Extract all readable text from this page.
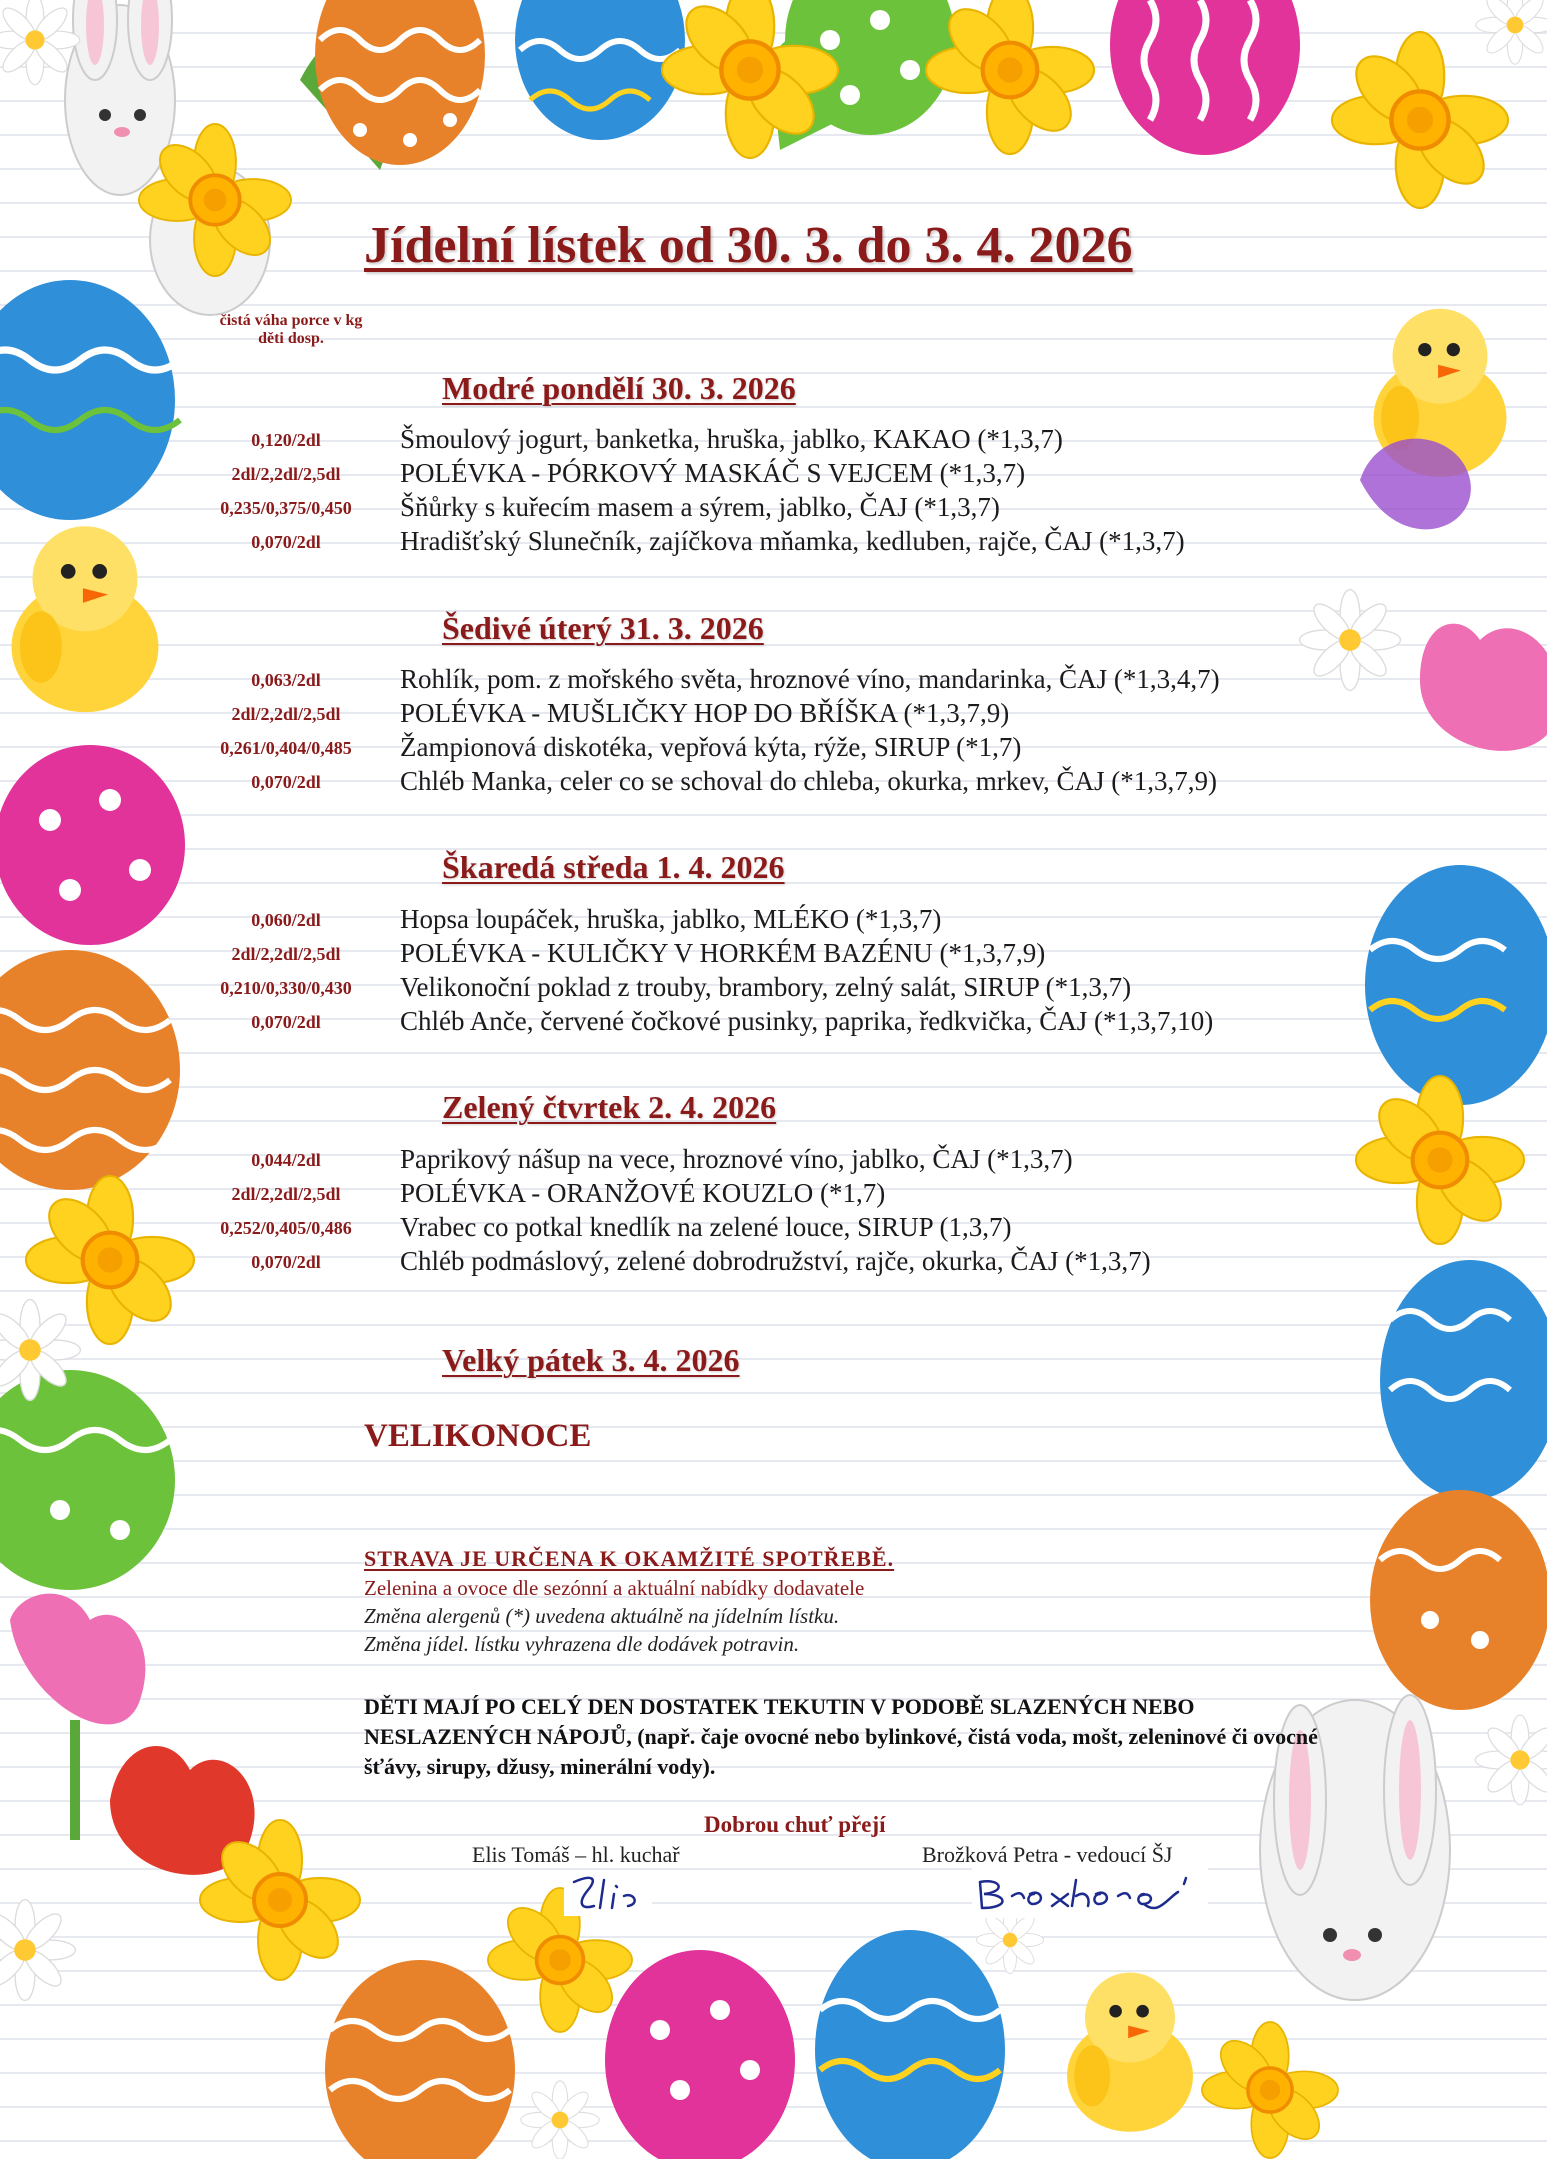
Jídelní lístek od 30. 3. do 3. 4. 2026
čistá váha porce v kg
děti dosp.
Modré pondělí 30. 3. 2026
0,120/2dl	Šmoulový jogurt, banketka, hruška, jablko, KAKAO (*1,3,7)
2dl/2,2dl/2,5dl	POLÉVKA - PÓRKOVÝ MASKÁČ S VEJCEM (*1,3,7)
0,235/0,375/0,450	Šňůrky s kuřecím masem a sýrem, jablko, ČAJ (*1,3,7)
0,070/2dl	Hradišťský Slunečník, zajíčkova mňamka, kedluben, rajče, ČAJ (*1,3,7)
Šedivé úterý 31. 3. 2026
0,063/2dl	Rohlík, pom. z mořského světa, hroznové víno, mandarinka, ČAJ (*1,3,4,7)
2dl/2,2dl/2,5dl	POLÉVKA - MUŠLIČKY HOP DO BŘÍŠKA (*1,3,7,9)
0,261/0,404/0,485	Žampionová diskotéka, vepřová kýta, rýže, SIRUP (*1,7)
0,070/2dl	Chléb Manka, celer co se schoval do chleba, okurka, mrkev, ČAJ (*1,3,7,9)
Škaredá středa 1. 4. 2026
0,060/2dl	Hopsa loupáček, hruška, jablko, MLÉKO (*1,3,7)
2dl/2,2dl/2,5dl	POLÉVKA - KULIČKY V HORKÉM BAZÉNU (*1,3,7,9)
0,210/0,330/0,430	Velikonoční poklad z trouby, brambory, zelný salát, SIRUP (*1,3,7)
0,070/2dl	Chléb Anče, červené čočkové pusinky, paprika, ředkvička, ČAJ (*1,3,7,10)
Zelený čtvrtek 2. 4. 2026
0,044/2dl	Paprikový nášup na vece, hroznové víno, jablko, ČAJ (*1,3,7)
2dl/2,2dl/2,5dl	POLÉVKA - ORANŽOVÉ KOUZLO (*1,7)
0,252/0,405/0,486	Vrabec co potkal knedlík na zelené louce, SIRUP (1,3,7)
0,070/2dl	Chléb podmáslový, zelené dobrodružství, rajče, okurka, ČAJ (*1,3,7)
Velký pátek 3. 4. 2026
VELIKONOCE
STRAVA JE URČENA K OKAMŽITÉ SPOTŘEBĚ.
Zelenina a ovoce dle sezónní a aktuální nabídky dodavatele
Změna alergenů (*) uvedena aktuálně na jídelním lístku.
Změna jídel. lístku vyhrazena dle dodávek potravin.
DĚTI MAJÍ PO CELÝ DEN DOSTATEK TEKUTIN V PODOBĚ SLAZENÝCH NEBO NESLAZENÝCH NÁPOJŮ, (např. čaje ovocné nebo bylinkové, čistá voda, mošt, zeleninové či ovocné šťávy, sirupy, džusy, minerální vody).
Dobrou chuť přejí
Elis Tomáš – hl. kuchař	Brožková Petra - vedoucí ŠJ
